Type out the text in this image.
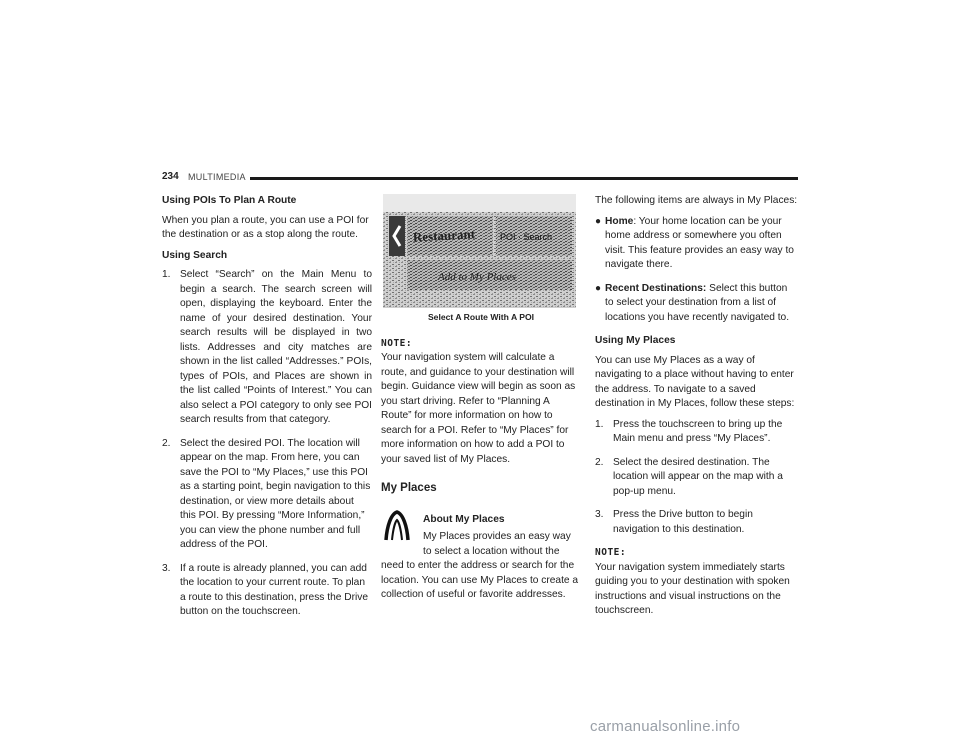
234 MULTIMEDIA
Using POIs To Plan A Route

When you plan a route, you can use a POI for the destination or as a stop along the route.

Using Search
1. Select “Search” on the Main Menu to begin a search. The search screen will open, displaying the keyboard. Enter the name of your desired destination. Your search results will be displayed in two lists. Addresses and city matches are shown in the list called “Addresses.” POIs, types of POIs, and Places are shown in the list called “Points of Interest.” You can also select a POI category to only see POI search results from that category.
2. Select the desired POI. The location will appear on the map. From here, you can save the POI to “My Places,” use this POI as a starting point, begin navigation to this destination, or view more details about this POI. By pressing “More Information,” you can view the phone number and full address of the POI.
3. If a route is already planned, you can add the location to your current route. To plan a route to this destination, press the Drive button on the touchscreen.
Restaurant	POI · Search
Add to My Places
Select A Route With A POI
NOTE:

Your navigation system will calculate a route, and guidance to your destination will begin. Guidance view will begin as soon as you start driving. Refer to “Planning A Route” for more information on how to search for a POI. Refer to “My Places” for more information on how to add a POI to your saved list of My Places.

My Places
About My Places

My Places provides an easy way to select a location without the need to enter the address or search for the location. You can use My Places to create a collection of useful or favorite addresses.

The following items are always in My Places:

● Home: Your home location can be your home address or somewhere you often visit. This feature provides an easy way to navigate there.
● Recent Destinations: Select this button to select your destination from a list of locations you have recently navigated to.
Using My Places

You can use My Places as a way of navigating to a place without having to enter the address. To navigate to a saved destination in My Places, follow these steps:

1. Press the touchscreen to bring up the Main menu and press “My Places”.
2. Select the desired destination. The location will appear on the map with a pop-up menu.
3. Press the Drive button to begin navigation to this destination.
NOTE:

Your navigation system immediately starts guiding you to your destination with spoken instructions and visual instructions on the touchscreen.

carmanualsonline.info
